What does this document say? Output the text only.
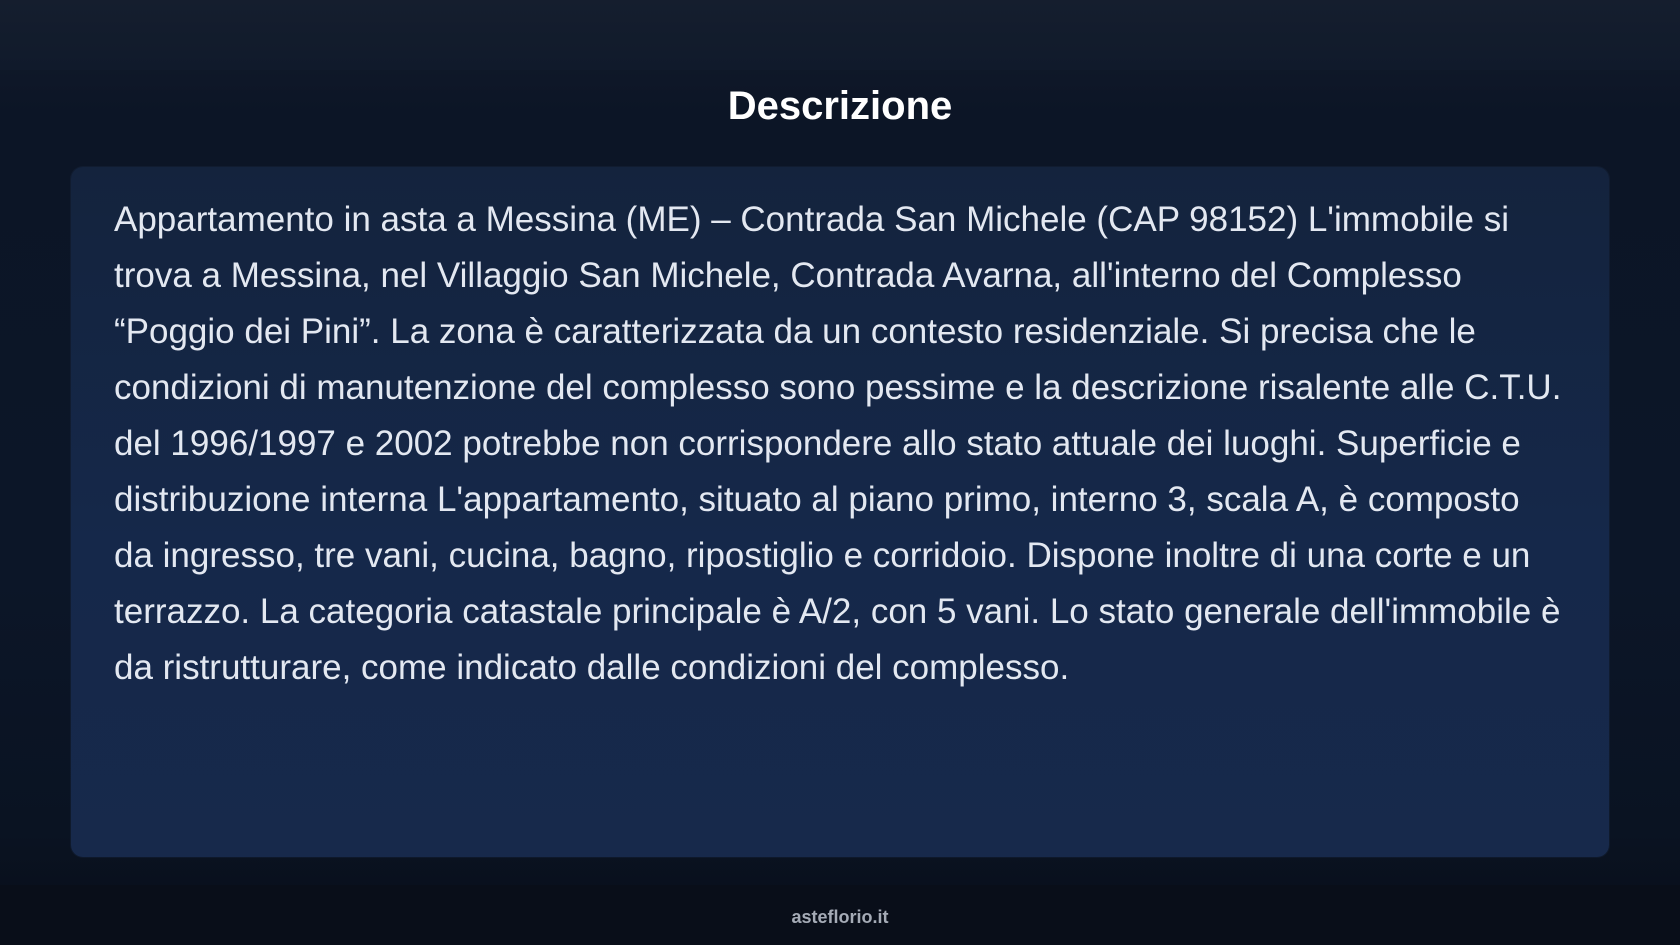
Descrizione

Appartamento in asta a Messina (ME) – Contrada San Michele (CAP 98152) L'immobile si trova a Messina, nel Villaggio San Michele, Contrada Avarna, all'interno del Complesso “Poggio dei Pini”. La zona è caratterizzata da un contesto residenziale. Si precisa che le condizioni di manutenzione del complesso sono pessime e la descrizione risalente alle C.T.U. del 1996/1997 e 2002 potrebbe non corrispondere allo stato attuale dei luoghi. Superficie e distribuzione interna L'appartamento, situato al piano primo, interno 3, scala A, è composto da ingresso, tre vani, cucina, bagno, ripostiglio e corridoio. Dispone inoltre di una corte e un terrazzo. La categoria catastale principale è A/2, con 5 vani. Lo stato generale dell'immobile è da ristrutturare, come indicato dalle condizioni del complesso.

asteflorio.it
